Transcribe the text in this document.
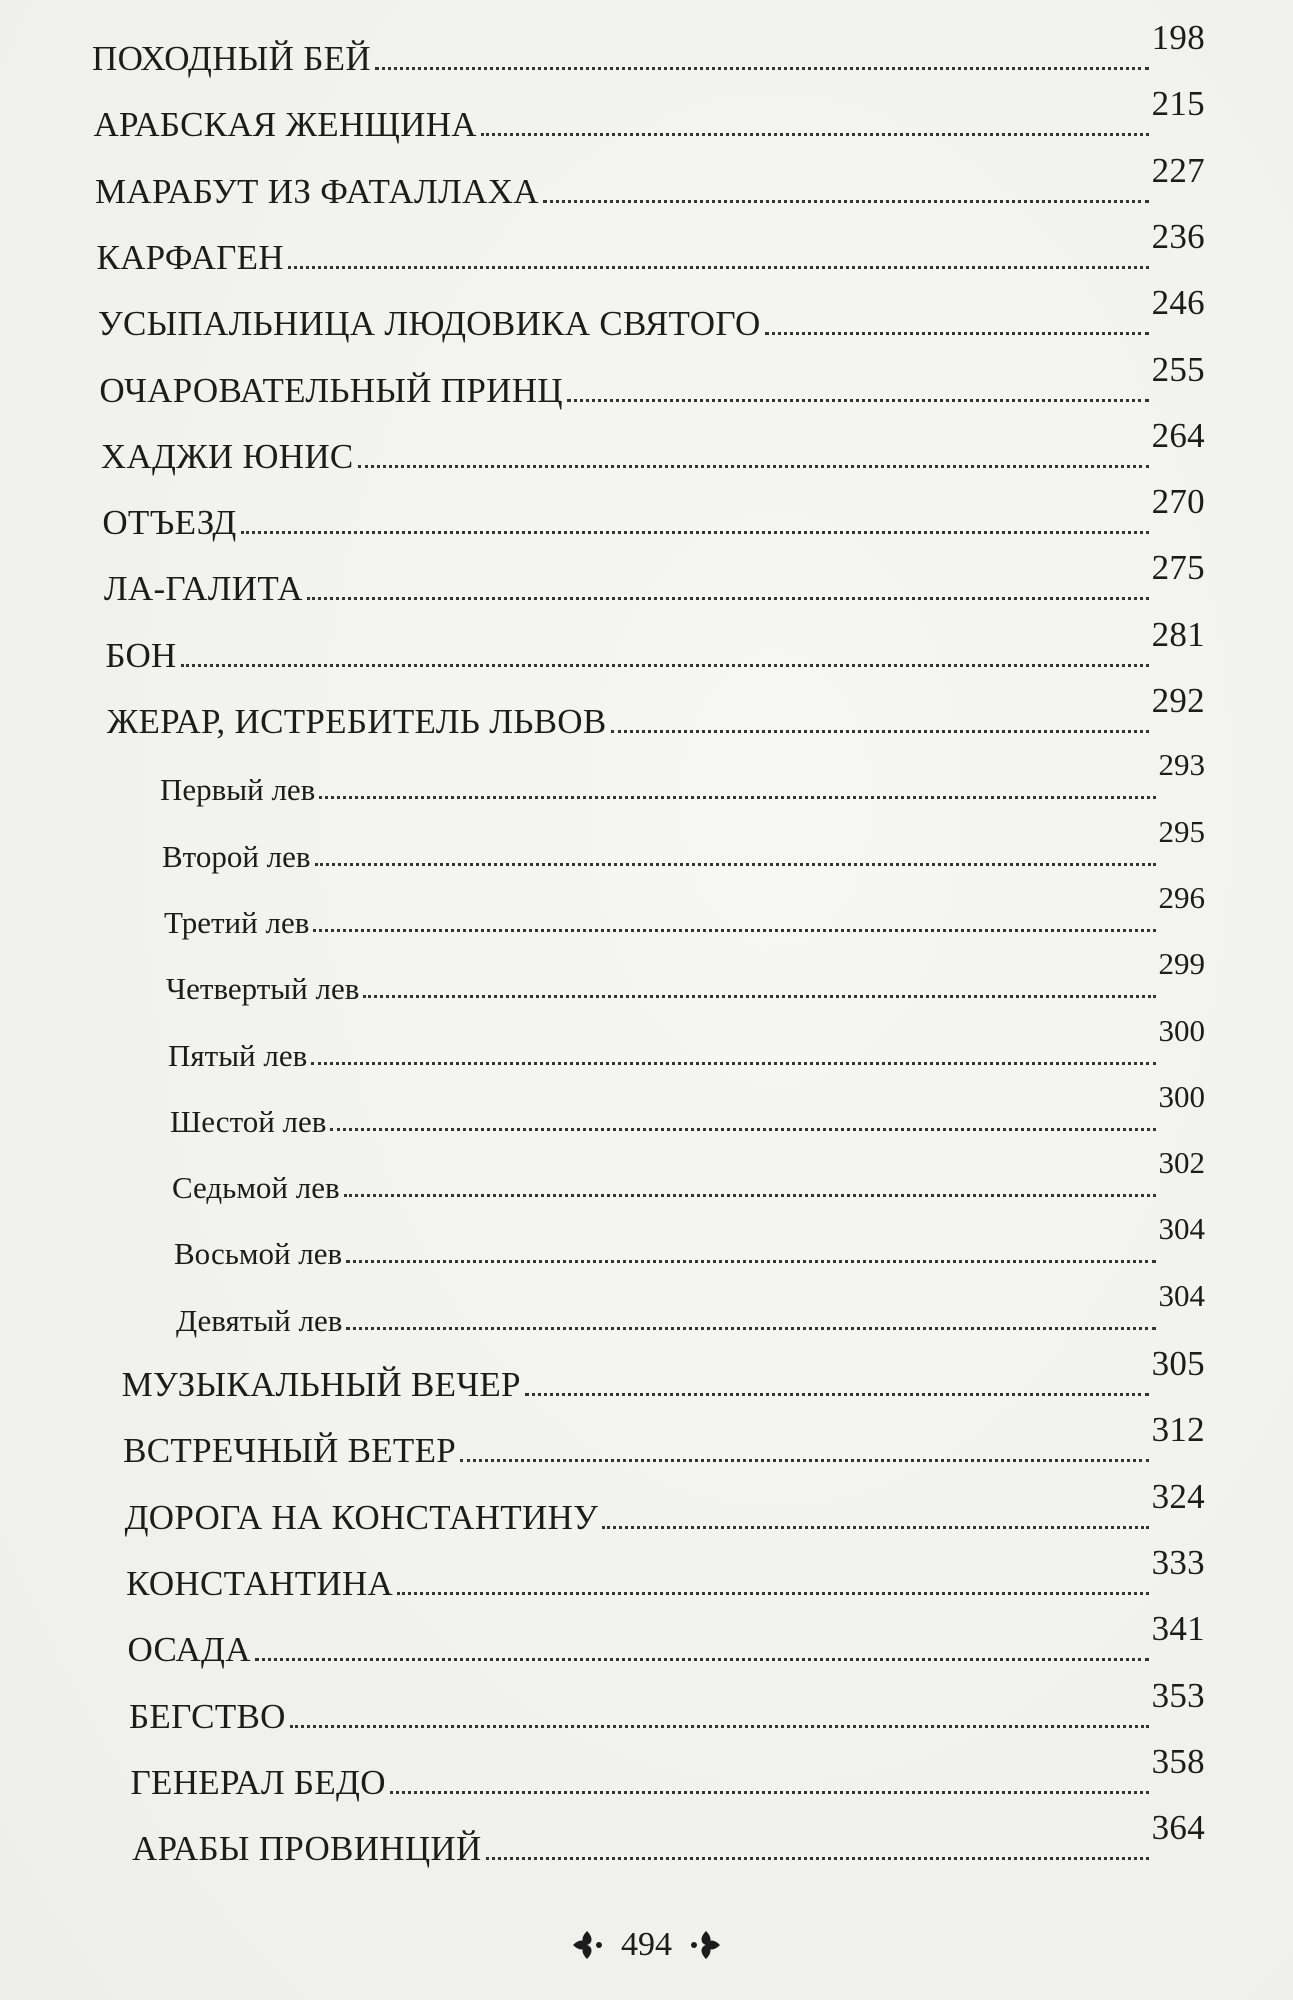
ПОХОДНЫЙ БЕЙ
198
АРАБСКАЯ ЖЕНЩИНА
215
МАРАБУТ ИЗ ФАТАЛЛАХА
227
КАРФАГЕН
236
УСЫПАЛЬНИЦА ЛЮДОВИКА СВЯТОГО
246
ОЧАРОВАТЕЛЬНЫЙ ПРИНЦ
255
ХАДЖИ ЮНИС
264
ОТЪЕЗД
270
ЛА-ГАЛИТА
275
БОН
281
ЖЕРАР, ИСТРЕБИТЕЛЬ ЛЬВОВ
292
Первый лев
293
Второй лев
295
Третий лев
296
Четвертый лев
299
Пятый лев
300
Шестой лев
300
Седьмой лев
302
Восьмой лев
304
Девятый лев
304
МУЗЫКАЛЬНЫЙ ВЕЧЕР
305
ВСТРЕЧНЫЙ ВЕТЕР
312
ДОРОГА НА КОНСТАНТИНУ
324
КОНСТАНТИНА
333
ОСАДА
341
БЕГСТВО
353
ГЕНЕРАЛ БЕДО
358
АРАБЫ ПРОВИНЦИЙ
364
494
